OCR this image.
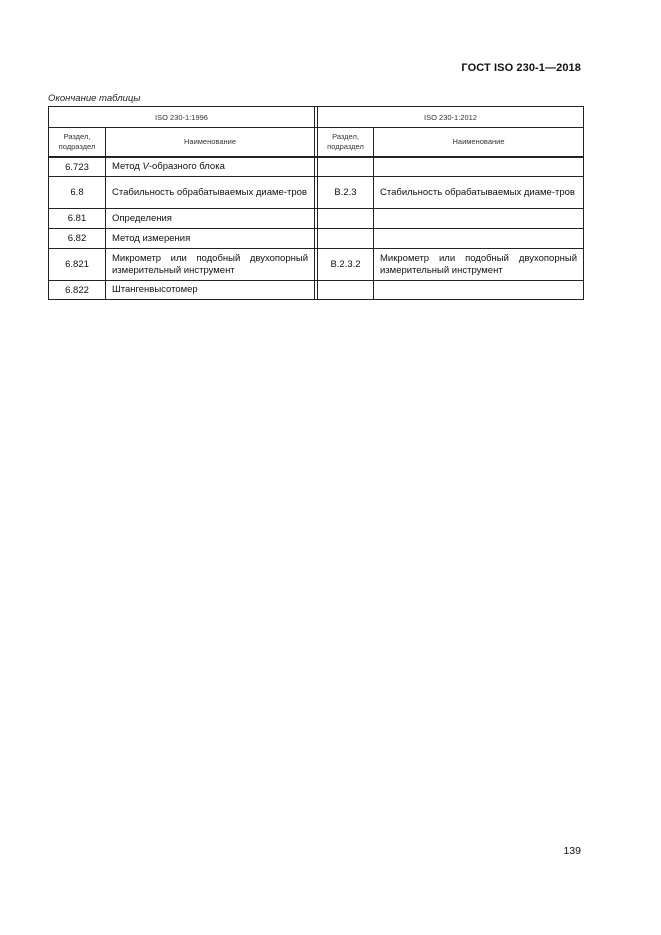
ГОСТ ISO 230-1—2018
Окончание таблицы
ISO 230-1:1996			ISO 230-1:2012	
Раздел,
подраздел	Наименование		Раздел,
подраздел	Наименование
6.723	Метод V-образного блока			
6.8	Стабильность обрабатываемых диаме-тров		B.2.3	Стабильность обрабатываемых диаме-тров
6.81	Определения			
6.82	Метод измерения			
6.821	Микрометр или подобный двухопорный измерительный инструмент		B.2.3.2	Микрометр или подобный двухопорный измерительный инструмент
6.822	Штангенвысотомер			
139
